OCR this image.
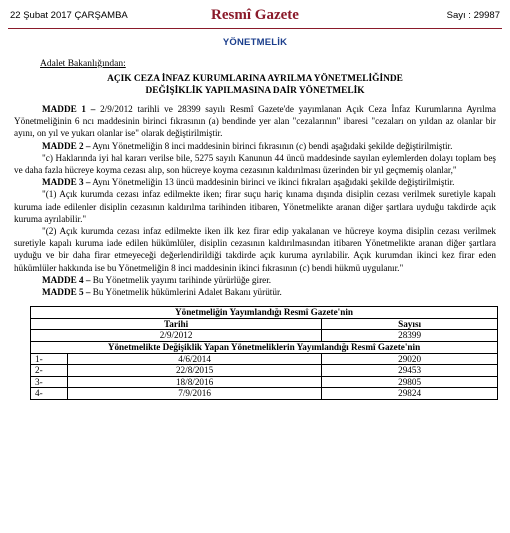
22 Şubat 2017 ÇARŞAMBA	Resmî Gazete	Sayı : 29987
YÖNETMELİK
Adalet Bakanlığından:
AÇIK CEZA İNFAZ KURUMLARINA AYRILMA YÖNETMELİĞİNDE
DEĞİŞİKLİK YAPILMASINA DAİR YÖNETMELİK

MADDE 1 – 2/9/2012 tarihli ve 28399 sayılı Resmî Gazete'de yayımlanan Açık Ceza İnfaz Kurumlarına Ayrılma Yönetmeliğinin 6 ncı maddesinin birinci fıkrasının (a) bendinde yer alan "cezalarının" ibaresi "cezaları on yıldan az olanlar bir ayını, on yıl ve yukarı olanlar ise" olarak değiştirilmiştir.

MADDE 2 – Aynı Yönetmeliğin 8 inci maddesinin birinci fıkrasının (c) bendi aşağıdaki şekilde değiştirilmiştir.

"c) Haklarında iyi hal kararı verilse bile, 5275 sayılı Kanunun 44 üncü maddesinde sayılan eylemlerden dolayı toplam beş ve daha fazla hücreye koyma cezası alıp, son hücreye koyma cezasının kaldırılması üzerinden bir yıl geçmemiş olanlar,"

MADDE 3 – Aynı Yönetmeliğin 13 üncü maddesinin birinci ve ikinci fıkraları aşağıdaki şekilde değiştirilmiştir.

"(1) Açık kurumda cezası infaz edilmekte iken; firar suçu hariç kınama dışında disiplin cezası verilmek suretiyle kapalı kuruma iade edilenler disiplin cezasının kaldırılma tarihinden itibaren, Yönetmelikte aranan diğer şartlara uyduğu takdirde açık kuruma ayrılabilir."

"(2) Açık kurumda cezası infaz edilmekte iken ilk kez firar edip yakalanan ve hücreye koyma disiplin cezası verilmek suretiyle kapalı kuruma iade edilen hükümlüler, disiplin cezasının kaldırılmasından itibaren Yönetmelikte aranan diğer şartlara uyduğu ve bir daha firar etmeyeceği değerlendirildiği takdirde açık kuruma ayrılabilir. Açık kurumdan ikinci kez firar eden hükümlüler hakkında ise bu Yönetmeliğin 8 inci maddesinin ikinci fıkrasının (c) bendi hükmü uygulanır."

MADDE 4 – Bu Yönetmelik yayımı tarihinde yürürlüğe girer.

MADDE 5 – Bu Yönetmelik hükümlerini Adalet Bakanı yürütür.

Yönetmeliğin Yayımlandığı Resmî Gazete'nin		
Tarihi		Sayısı
2/9/2012		28399
Yönetmelikte Değişiklik Yapan Yönetmeliklerin Yayımlandığı Resmî Gazete'nin		
1-	4/6/2014	29020
2-	22/8/2015	29453
3-	18/8/2016	29805
4-	7/9/2016	29824
